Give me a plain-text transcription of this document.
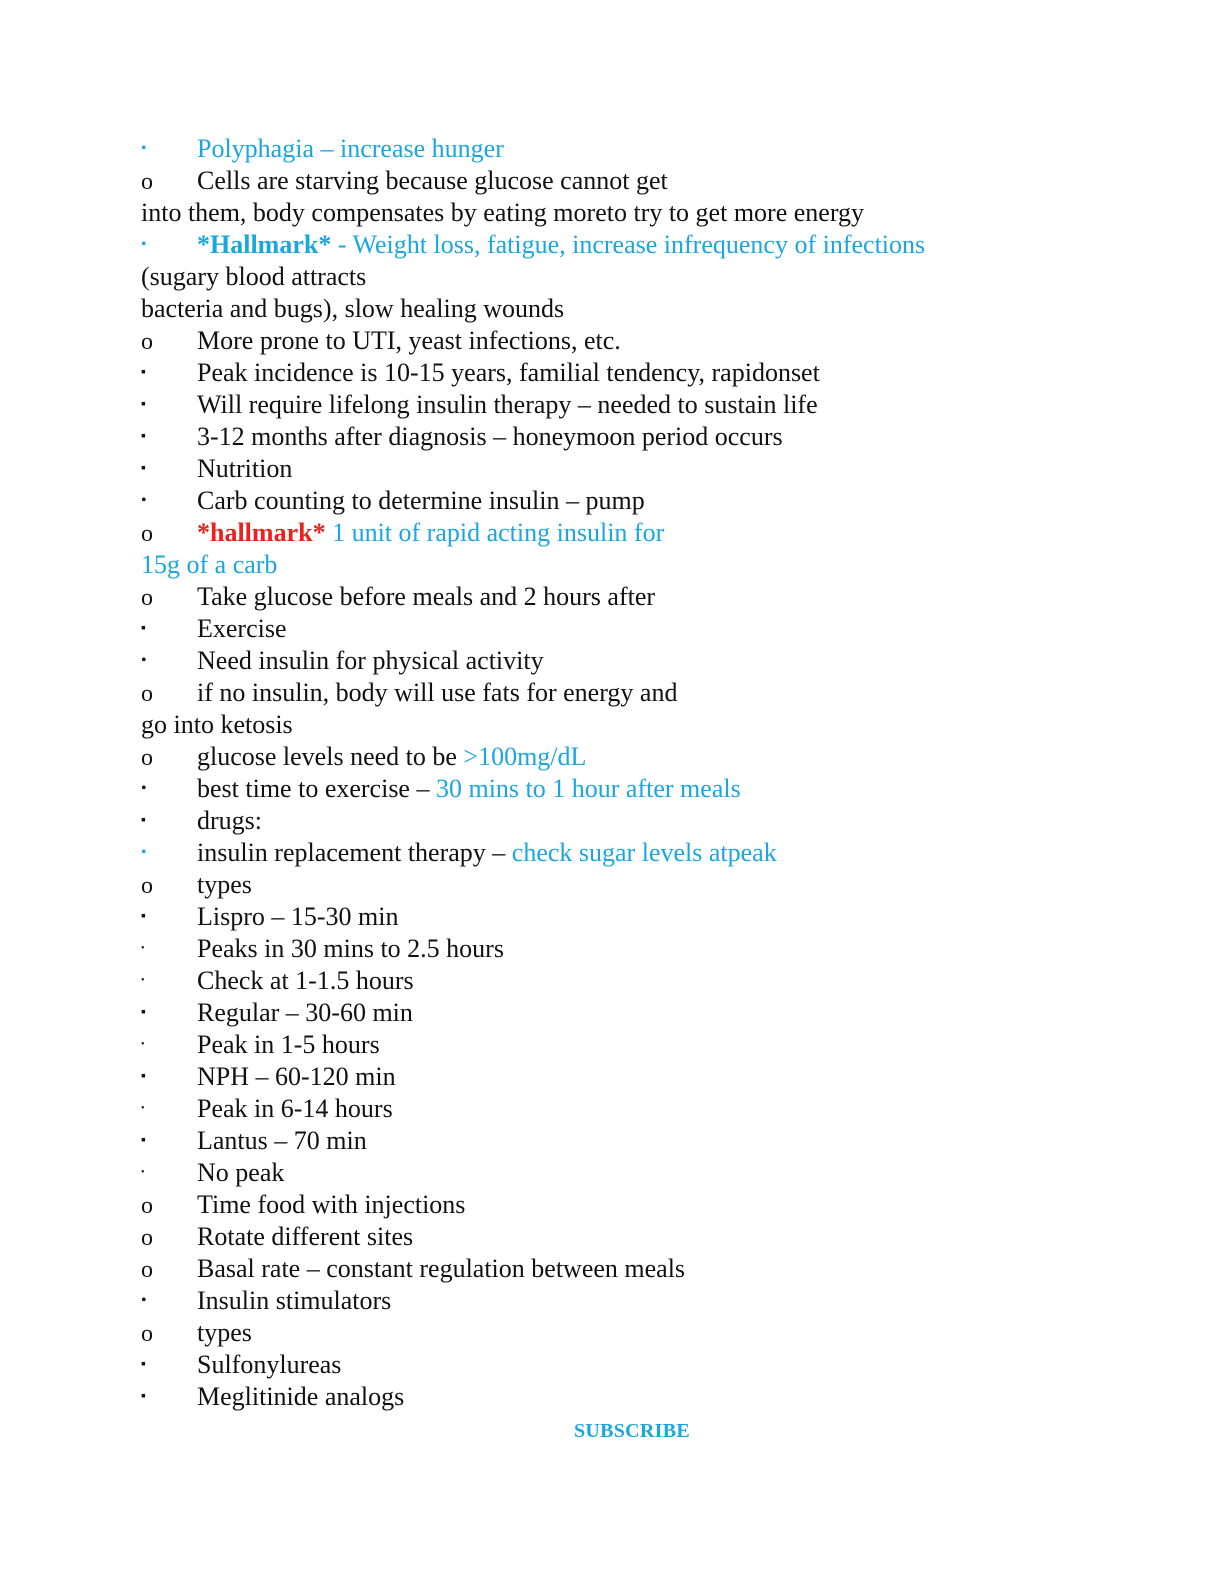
• Polyphagia – increase hunger
o Cells are starving because glucose cannot get
into them, body compensates by eating moreto try to get more energy
• *Hallmark* - Weight loss, fatigue, increase infrequency of infections
(sugary blood attracts
bacteria and bugs), slow healing wounds
o More prone to UTI, yeast infections, etc.
▪ Peak incidence is 10-15 years, familial tendency, rapidonset
▪ Will require lifelong insulin therapy – needed to sustain life
▪ 3-12 months after diagnosis – honeymoon period occurs
▪ Nutrition
• Carb counting to determine insulin – pump
o *hallmark* 1 unit of rapid acting insulin for
15g of a carb
o Take glucose before meals and 2 hours after
▪ Exercise
• Need insulin for physical activity
o if no insulin, body will use fats for energy and
go into ketosis
o glucose levels need to be >100mg/dL
• best time to exercise – 30 mins to 1 hour after meals
▪ drugs:
• insulin replacement therapy – check sugar levels atpeak
o types
▪ Lispro – 15-30 min
• Peaks in 30 mins to 2.5 hours
• Check at 1-1.5 hours
▪ Regular – 30-60 min
• Peak in 1-5 hours
▪ NPH – 60-120 min
• Peak in 6-14 hours
▪ Lantus – 70 min
• No peak
o Time food with injections
o Rotate different sites
o Basal rate – constant regulation between meals
• Insulin stimulators
o types
▪ Sulfonylureas
▪ Meglitinide analogs
SUBSCRIBE
